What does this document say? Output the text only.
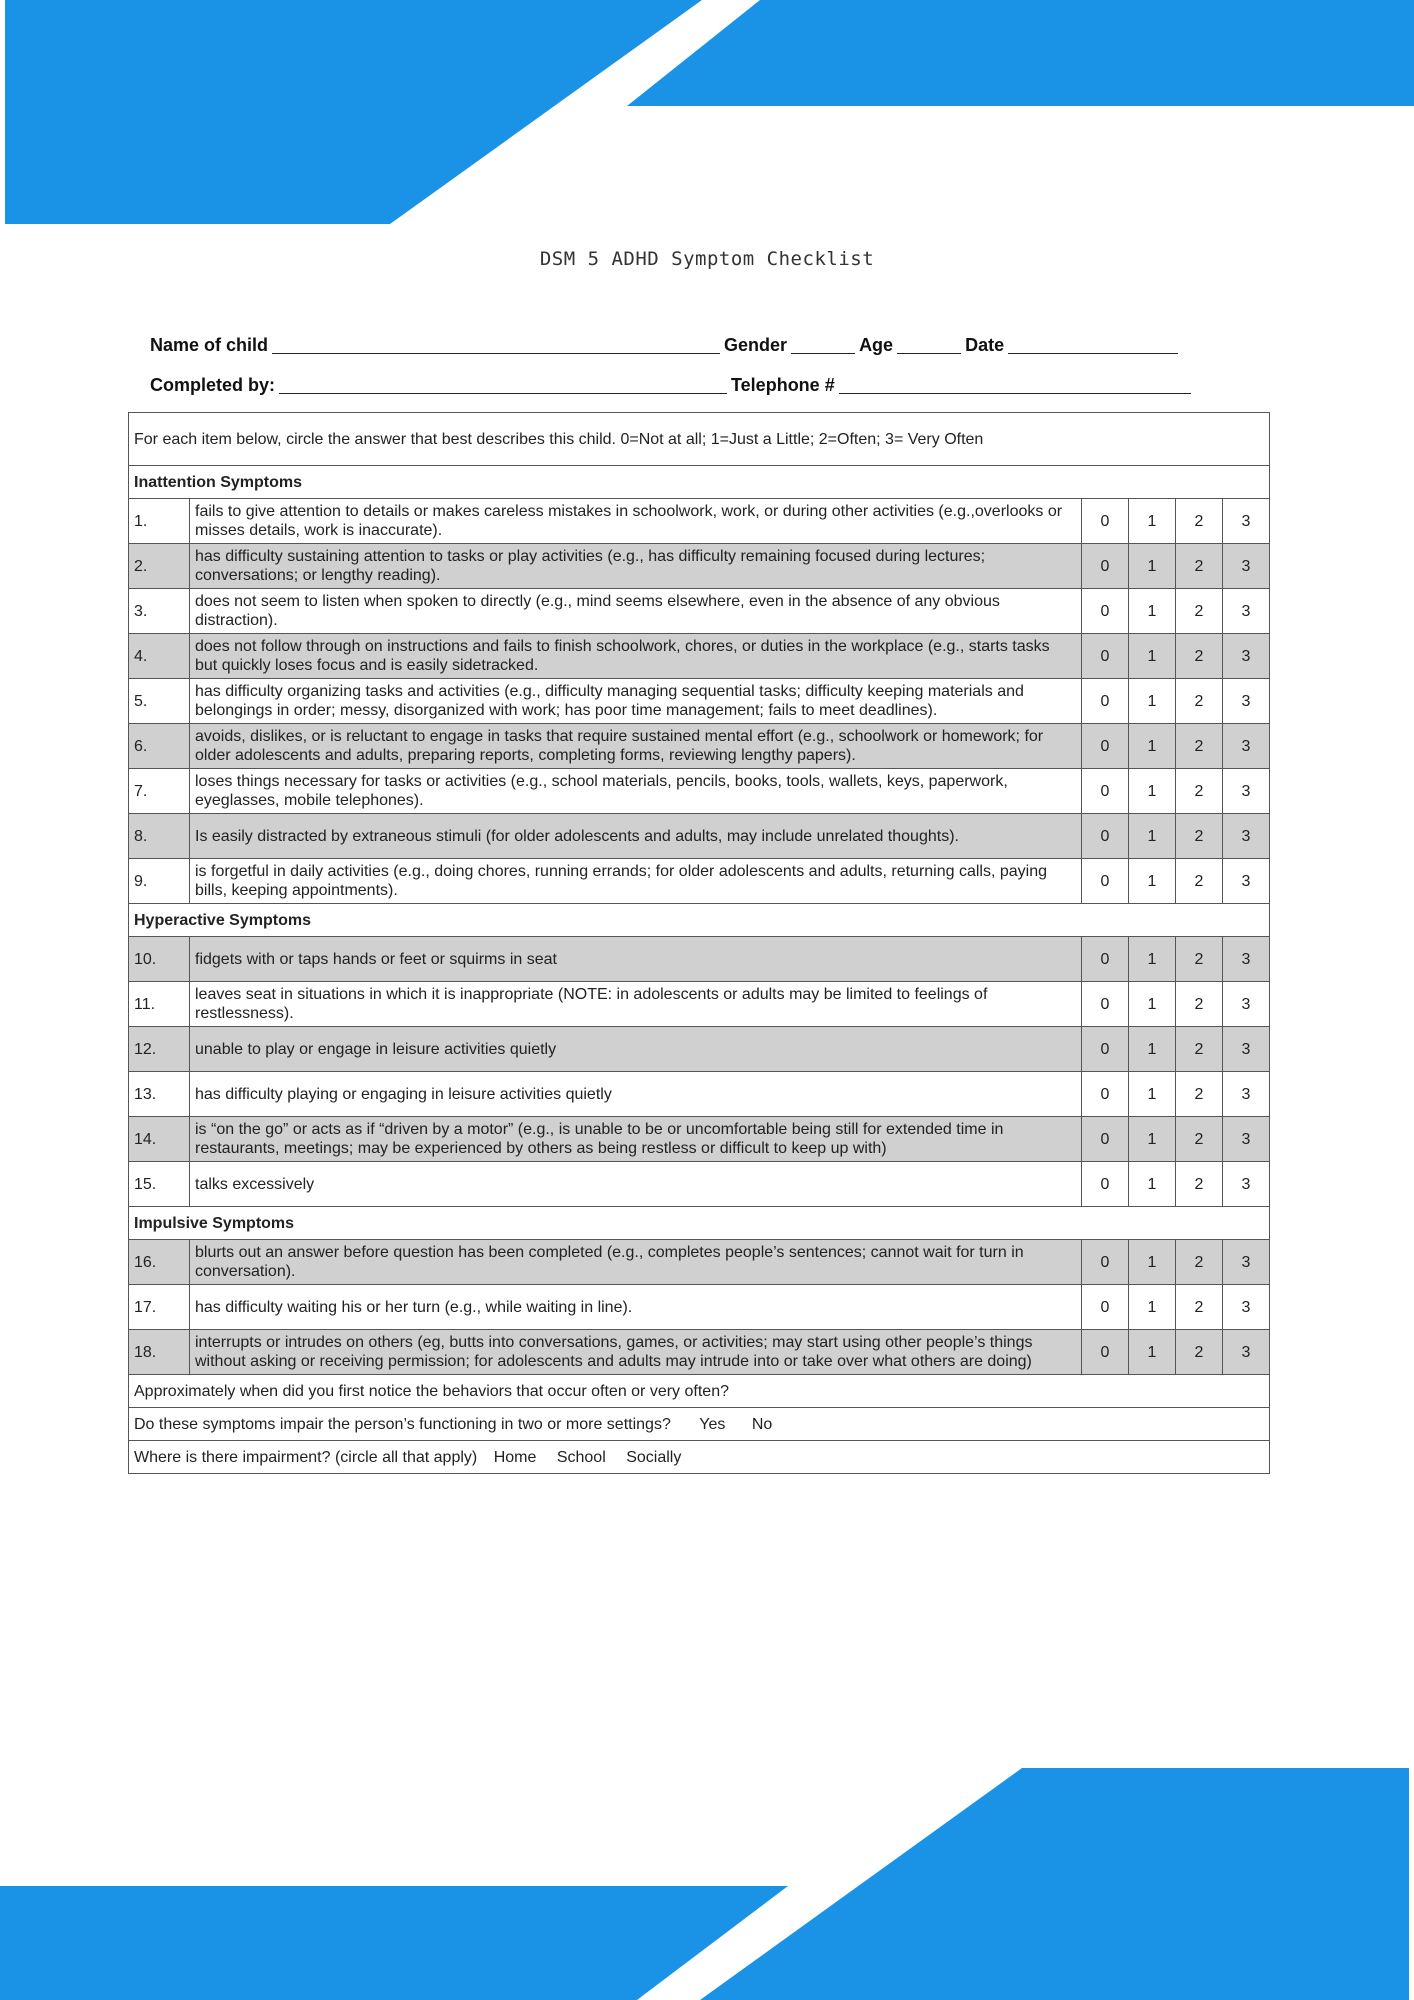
DSM 5 ADHD Symptom Checklist
Name of child	Gender	Age	Date
Completed by:	Telephone #
For each item below, circle the answer that best describes this child. 0=Not at all; 1=Just a Little; 2=Often; 3= Very Often					
Inattention Symptoms					
1.	fails to give attention to details or makes careless mistakes in schoolwork, work, or during other activities (e.g.,overlooks or misses details, work is inaccurate).	0	1	2	3
2.	has difficulty sustaining attention to tasks or play activities (e.g., has difficulty remaining focused during lectures; conversations; or lengthy reading).	0	1	2	3
3.	does not seem to listen when spoken to directly (e.g., mind seems elsewhere, even in the absence of any obvious distraction).	0	1	2	3
4.	does not follow through on instructions and fails to finish schoolwork, chores, or duties in the workplace (e.g., starts tasks but quickly loses focus and is easily sidetracked.	0	1	2	3
5.	has difficulty organizing tasks and activities (e.g., difficulty managing sequential tasks; difficulty keeping materials and belongings in order; messy, disorganized with work; has poor time management; fails to meet deadlines).	0	1	2	3
6.	avoids, dislikes, or is reluctant to engage in tasks that require sustained mental effort (e.g., schoolwork or homework; for older adolescents and adults, preparing reports, completing forms, reviewing lengthy papers).	0	1	2	3
7.	loses things necessary for tasks or activities (e.g., school materials, pencils, books, tools, wallets, keys, paperwork, eyeglasses, mobile telephones).	0	1	2	3
8.	Is easily distracted by extraneous stimuli (for older adolescents and adults, may include unrelated thoughts).	0	1	2	3
9.	is forgetful in daily activities (e.g., doing chores, running errands; for older adolescents and adults, returning calls, paying bills, keeping appointments).	0	1	2	3
Hyperactive Symptoms					
10.	fidgets with or taps hands or feet or squirms in seat	0	1	2	3
11.	leaves seat in situations in which it is inappropriate (NOTE: in adolescents or adults may be limited to feelings of restlessness).	0	1	2	3
12.	unable to play or engage in leisure activities quietly	0	1	2	3
13.	has difficulty playing or engaging in leisure activities quietly	0	1	2	3
14.	is “on the go” or acts as if “driven by a motor” (e.g., is unable to be or uncomfortable being still for extended time in restaurants, meetings; may be experienced by others as being restless or difficult to keep up with)	0	1	2	3
15.	talks excessively	0	1	2	3
Impulsive Symptoms					
16.	blurts out an answer before question has been completed (e.g., completes people’s sentences; cannot wait for turn in conversation).	0	1	2	3
17.	has difficulty waiting his or her turn (e.g., while waiting in line).	0	1	2	3
18.	interrupts or intrudes on others (eg, butts into conversations, games, or activities; may start using other people’s things without asking or receiving permission; for adolescents and adults may intrude into or take over what others are doing)	0	1	2	3
Approximately when did you first notice the behaviors that occur often or very often?					
Do these symptoms impair the person’s functioning in two or more settings? Yes No					
Where is there impairment? (circle all that apply) Home School Socially					
